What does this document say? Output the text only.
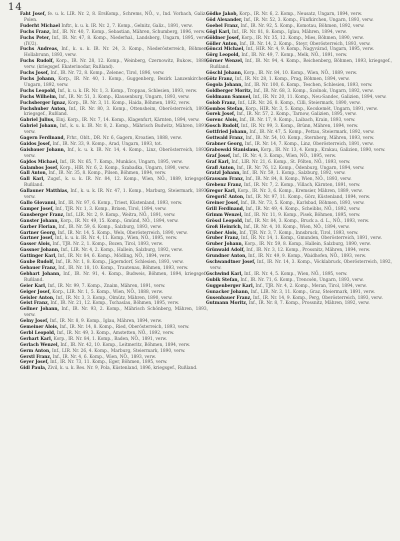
14

Faht Josef, fe. u. k. LIR. Nr. 2, 8. ErsKomp., Schrems, NÖ., v., Ind. Vorbach, Galiz., Polen.

Fuderht Michael Inftr., k. u. k. IR. Nr. 2, 7. Komp., Gelnitz, Galiz., 1891, verw.

Fuchs Franz, Inf., IR. Nr. 40, 7. Komp., Sebastian, Mähren, Schumberg, 1896, verw.

Fuchs Peter, Inf., IR. Nr. 47, 8. Komp., Niederhal., Landsberg, Ungarn, 1895, verw. (IV/2).

Fuchs Andreas, Inf., k. u. k. IR. Nr. 24, 3. Komp., Niederösterreich, Böhmen, Hollabrunn, 1893, verw.

Fuchs Rudolf, Korp., IR. Nr. 28, 12. Komp., Weinberg, Czernowitz, Bukow., 1888, verw. (kriegsgef. Ekaterinodar, Rußland).

Fuchs Josef, Inf., IR. Nr. 72, 8. Komp., Zelenec, Tirol, 1896, verw.

Fuchs Johann, Korp., IR. Nr. 40, 1. Komp., Guggenberg, Bezirk Lanzenkirchen, Ungarn, 1892, verw.

Fuchs Leopold, Inf., k. u. k. IR. Nr. 1, 3. Komp., Troppau, Schlesien, 1893, verw.

Fuchs Wilhelm, Inf., IR. Nr. 51, 3. Komp., Klausenburg, Ungarn, 1893, verw.

Fuchsberger Ignaz, Korp., IR. Nr. 3, 11. Komp., Haida, Böhmen, 1892, verw.

Fuchshuber Anton, Inf., IR. Nr. 80, 3. Komp., Ottensheim, Oberösterreich, 1893, kriegsgef., Rußland.

Gabriel Julius, Einj. Korp., IR. Nr. 7, 14. Komp., Klagenfurt, Kärnten, 1894, verw.

Gabriel Johann, Inf., k. u. k. IR. Nr. 8, 2. Komp., Mährisch Budwitz, Mähren, 1891, verw.

Gagern Ferdinand, Frhr., Oblt., DR. Nr. 6, Gagern, Kroatien, 1888, verw.

Gaidos Josef, Inf., IR. Nr. 33, 9. Komp., Arad, Ungarn, 1893, tot.

Gaisbauer Johann, Inf., k. u. k. IR. Nr. 14, 4. Komp., Linz, Oberösterreich, 1892, verw.

Gajdos Michael, Inf., IR. Nr. 65, 7. Komp., Munkács, Ungarn, 1895, verw.

Galambos Josef, Korp., HIR. Nr. 6, 2. Komp., Szabadka, Ungarn, 1890, verw.

Gall Anton, Inf., IR. Nr. 35, 8. Komp., Pilsen, Böhmen, 1894, verw.

Gall Karl, Zugsf., k. u. k. IR. Nr. 84, 12. Komp., Wien, NÖ., 1889, kriegsgef., Rußland.

Gallauner Matthias, Inf., k. u. k. IR. Nr. 47, 1. Komp., Marburg, Steiermark, 1893, verw.

Gallo Giovanni, Inf., IR. Nr. 97, 6. Komp., Triest, Küstenland, 1893, verw.

Gamper Josef, Inf., TJR. Nr. 1, 3. Komp., Brixen, Tirol, 1894, verw.

Gansberger Franz, Inf., LIR. Nr. 2, 9. Komp., Weitra, NÖ., 1891, verw.

Ganster Johann, Korp., IR. Nr. 49, 15. Komp., Gmünd, NÖ., 1894, verw.

Garber Florian, Inf., IR. Nr. 59, 6. Komp., Salzburg, 1893, verw.

Gartner Georg, Inf., IR. Nr. 14, 5. Komp., Wels, Oberösterreich, 1890, verw.

Gartner Josef, Inf., k. u. k. IR. Nr. 4, 11. Komp., Wien, NÖ., 1895, verw.

Gasser Alois, Inf., TJR. Nr. 2, 1. Komp., Bozen, Tirol, 1893, verw.

Gassner Johann, Inf., LIR. Nr. 4, 2. Komp., Hallein, Salzburg, 1892, verw.

Gattinger Karl, Inf., IR. Nr. 84, 6. Komp., Mödling, NÖ., 1894, verw.

Gaube Rudolf, Inf., IR. Nr. 1, 8. Komp., Jägerndorf, Schlesien, 1893, verw.

Gebauer Franz, Inf., IR. Nr. 18, 10. Komp., Trautenau, Böhmen, 1893, verw.

Gebhart Johann, Inf., IR. Nr. 91, 4. Komp., Budweis, Böhmen, 1894, kriegsgef., Rußland.

Geier Karl, Inf., IR. Nr. 99, 7. Komp., Znaim, Mähren, 1891, verw.

Geiger Josef, Korp., LIR. Nr. 1, 5. Komp., Wien, NÖ., 1888, verw.

Geisler Anton, Inf., IR. Nr. 3, 3. Komp., Olmütz, Mähren, 1890, verw.

Geist Franz, Inf., IR. Nr. 21, 12. Komp., Tschaslau, Böhmen, 1895, verw.

Gellner Johann, Inf., IR. Nr. 93, 2. Komp., Mährisch Schönberg, Mähren, 1893, verw.

Gelny Josef, Inf., IR. Nr. 8, 9. Komp., Iglau, Mähren, 1894, verw.

Gemeiner Alois, Inf., IR. Nr. 14, 8. Komp., Ried, Oberösterreich, 1893, verw.

Gerbl Leopold, Inf., IR. Nr. 49, 3. Komp., Amstetten, NÖ., 1892, verw.

Gerhart Karl, Korp., IR. Nr. 84, 1. Komp., Baden, NÖ., 1891, verw.

Gerlach Wenzel, Inf., IR. Nr. 42, 10. Komp., Leitmeritz, Böhmen, 1894, verw.

Germ Anton, Inf., LIR. Nr. 26, 4. Komp., Marburg, Steiermark, 1890, verw.

Gerstl Franz, Inf., IR. Nr. 4, 6. Komp., Wien, NÖ., 1893, verw.

Geyer Josef, Inf., IR. Nr. 73, 11. Komp., Eger, Böhmen, 1895, verw.

Gidl Paula, Zivil, k. u. k. Res. Nr. 9, Pola, Küstenland, 1896, kriegsgef., Rußland.

Gödke Jakob, Korp., IR. Nr. 6, 2. Komp., Neusatz, Ungarn, 1894, verw.

Göd Alexander, Inf., IR. Nr. 52, 3. Komp., Fünfkirchen, Ungarn, 1893, verw.

Goebel Franz, Inf., IR. Nr. 92, 5. Komp., Komotau, Böhmen, 1892, verw.

Gögl Karl, Inf., IR. Nr. 81, 8. Komp., Iglau, Mähren, 1894, verw.

Göldner Josef, Korp., IR. Nr. 35, 12. Komp., Mies, Böhmen, 1890, verw.

Göller Anton, Inf., IR. Nr. 14, 2. Komp., Steyr, Oberösterreich, 1893, verw.

Gönczi Michael, Inf., HIR. Nr. 4, 9. Komp., Nagyvárad, Ungarn, 1895, verw.

Görg Leopold, Inf., IR. Nr. 49, 7. Komp., Melk, NÖ., 1891, verw.

Görner Wenzel, Inf., IR. Nr. 94, 4. Komp., Reichenberg, Böhmen, 1893, kriegsgef., Rußland.

Göschl Johann, Korp., IR. Nr. 84, 10. Komp., Wien, NÖ., 1889, verw.

Götz Franz, Inf., IR. Nr. 28, 1. Komp., Prag, Böhmen, 1894, verw.

Gogola Johann, Inf., IR. Nr. 100, 6. Komp., Teschen, Schlesien, 1893, verw.

Goldberger Moritz, Inf., IR. Nr. 68, 3. Komp., Szolnok, Ungarn, 1892, verw.

Goldmann Samuel, Inf., IR. Nr. 20, 11. Komp., Neu-Sandec, Galizien, 1894, verw.

Golob Franz, Inf., LIR. Nr. 26, 8. Komp., Cilli, Steiermark, 1890, verw.

Gombos Stefan, Korp., HIR. Nr. 3, 5. Komp., Kecskemét, Ungarn, 1891, verw.

Gorek Josef, Inf., IR. Nr. 57, 2. Komp., Tarnow, Galizien, 1895, verw.

Gorenc Alois, Inf., IR. Nr. 17, 9. Komp., Laibach, Krain, 1893, verw.

Gosch Rudolf, Inf., IR. Nr. 99, 3. Komp., Brünn, Mähren, 1894, verw.

Gottfried Johann, Inf., IR. Nr. 47, 5. Komp., Pettau, Steiermark, 1892, verw.

Gottwald Franz, Inf., IR. Nr. 54, 10. Komp., Sternberg, Mähren, 1893, verw.

Grabner Georg, Inf., IR. Nr. 14, 7. Komp., Linz, Oberösterreich, 1891, verw.

Grabowski Stanislaus, Korp., IR. Nr. 13, 4. Komp., Krakau, Galizien, 1890, verw.

Graf Josef, Inf., IR. Nr. 4, 3. Komp., Wien, NÖ., 1895, verw.

Graf Karl, Inf., LIR. Nr. 21, 6. Komp., St. Pölten, NÖ., 1893, verw.

Grafl Anton, Inf., IR. Nr. 76, 12. Komp., Ödenburg, Ungarn, 1894, verw.

Gratzl Johann, Inf., IR. Nr. 59, 1. Komp., Salzburg, 1892, verw.

Grausam Franz, Inf., IR. Nr. 84, 8. Komp., Wien, NÖ., 1893, verw.

Grebenz Franz, Inf., IR. Nr. 7, 2. Komp., Villach, Kärnten, 1891, verw.

Gregor Karl, Korp., IR. Nr. 3, 6. Komp., Kremsier, Mähren, 1889, verw.

Gregorič Anton, Inf., IR. Nr. 97, 11. Komp., Görz, Küstenland, 1894, verw.

Greiner Josef, Inf., IR. Nr. 73, 5. Komp., Karlsbad, Böhmen, 1893, verw.

Grill Ferdinand, Inf., IR. Nr. 49, 4. Komp., Scheibbs, NÖ., 1892, verw.

Grimm Wenzel, Inf., IR. Nr. 11, 9. Komp., Pisek, Böhmen, 1895, verw.

Grössl Leopold, Inf., IR. Nr. 84, 3. Komp., Bruck a. d. L., NÖ., 1893, verw.

Groß Heinrich, Inf., IR. Nr. 4, 10. Komp., Wien, NÖ., 1894, verw.

Gruber Alois, Inf., TJR. Nr. 3, 7. Komp., Innsbruck, Tirol, 1893, verw.

Gruber Franz, Inf., IR. Nr. 14, 1. Komp., Gmunden, Oberösterreich, 1891, verw.

Gruber Johann, Korp., IR. Nr. 59, 8. Komp., Hallein, Salzburg, 1890, verw.

Grünwald Adolf, Inf., IR. Nr. 3, 12. Komp., Prossnitz, Mähren, 1894, verw.

Grundner Anton, Inf., IR. Nr. 49, 9. Komp., Waidhofen, NÖ., 1893, verw.

Gschwandtner Josef, Inf., IR. Nr. 14, 3. Komp., Vöcklabruck, Oberösterreich, 1892, verw.

Gschwind Karl, Inf., IR. Nr. 4, 5. Komp., Wien, NÖ., 1895, verw.

Gubik Stefan, Inf., IR. Nr. 71, 6. Komp., Trencsén, Ungarn, 1893, verw.

Guggenberger Karl, Inf., TJR. Nr. 4, 2. Komp., Meran, Tirol, 1894, verw.

Gunacker Johann, Inf., LIR. Nr. 3, 11. Komp., Graz, Steiermark, 1891, verw.

Gusenbauer Franz, Inf., IR. Nr. 14, 9. Komp., Perg, Oberösterreich, 1893, verw.

Gutmann Moritz, Inf., IR. Nr. 8, 7. Komp., Prossnitz, Mähren, 1892, verw.
